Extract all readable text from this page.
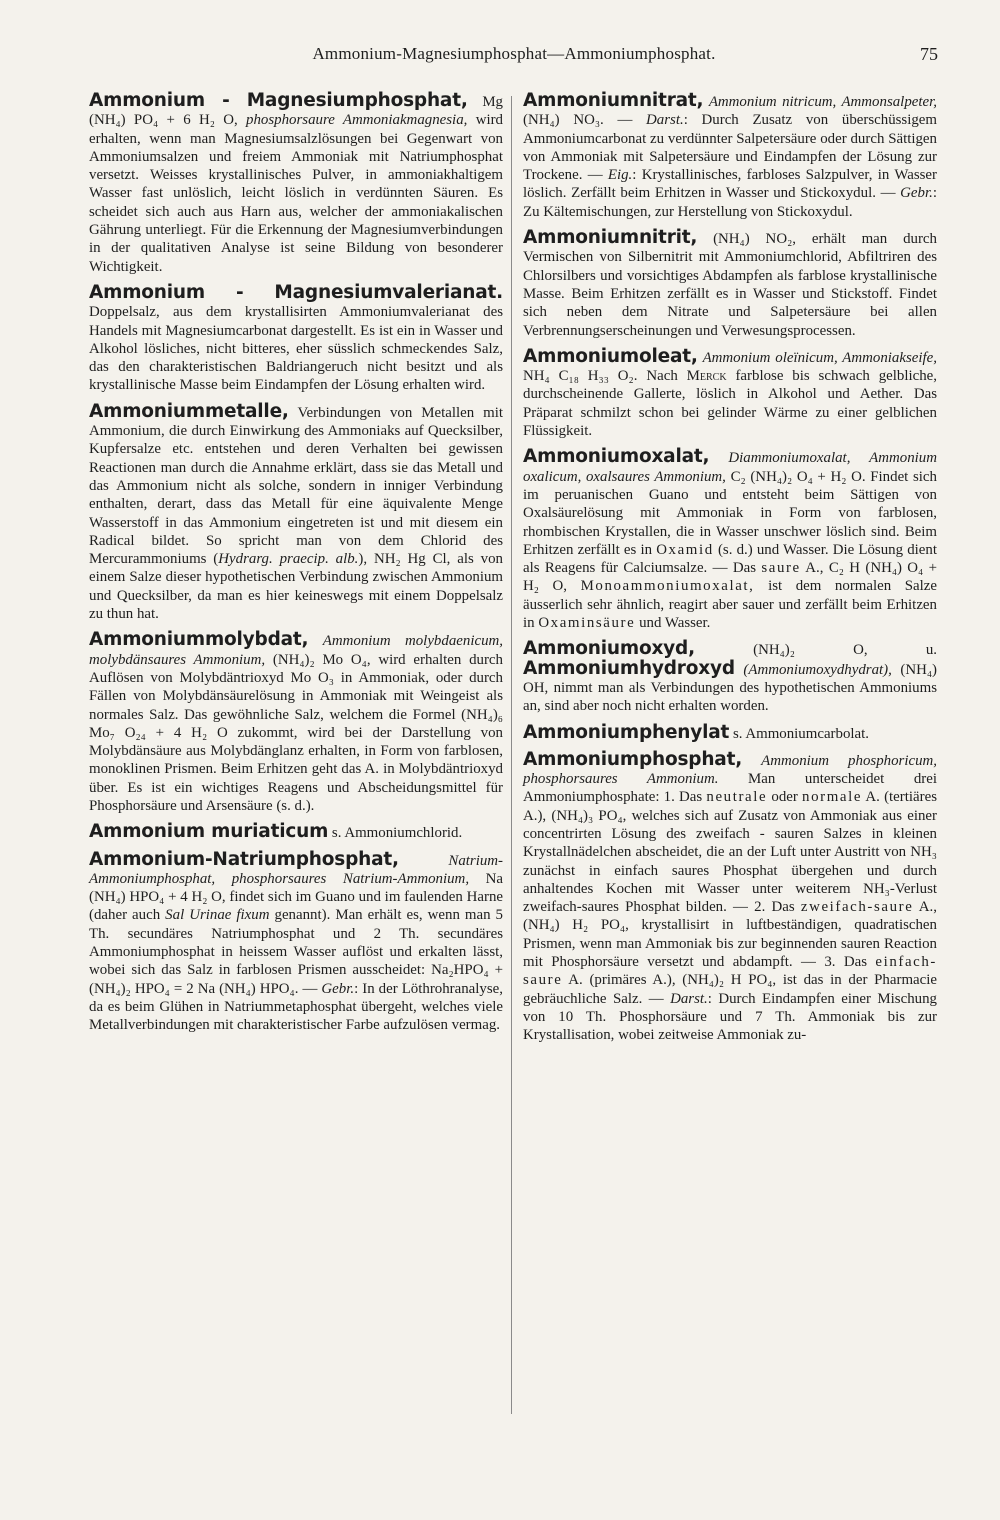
Ammonium-Magnesiumphosphat—Ammoniumphosphat.	75

Ammonium - Magnesiumphosphat, Mg (NH₄) PO₄ + 6 H₂ O, phosphorsaure Ammoniakmagnesia, wird erhalten, wenn man Magnesiumsalzlösungen bei Gegenwart von Ammoniumsalzen und freiem Ammoniak mit Natriumphosphat versetzt. Weisses krystallinisches Pulver, in ammoniakhaltigem Wasser fast unlöslich, leicht löslich in verdünnten Säuren. Es scheidet sich auch aus Harn aus, welcher der ammoniakalischen Gährung unterliegt. Für die Erkennung der Magnesiumverbindungen in der qualitativen Analyse ist seine Bildung von besonderer Wichtigkeit.

Ammonium - Magnesiumvalerianat. Doppelsalz, aus dem krystallisirten Ammoniumvalerianat des Handels mit Magnesiumcarbonat dargestellt. Es ist ein in Wasser und Alkohol lösliches, nicht bitteres, eher süsslich schmeckendes Salz, das den charakteristischen Baldriangeruch nicht besitzt und als krystallinische Masse beim Eindampfen der Lösung erhalten wird.

Ammoniummetalle, Verbindungen von Metallen mit Ammonium, die durch Einwirkung des Ammoniaks auf Quecksilber, Kupfersalze etc. entstehen und deren Verhalten bei gewissen Reactionen man durch die Annahme erklärt, dass sie das Metall und das Ammonium nicht als solche, sondern in inniger Verbindung enthalten, derart, dass das Metall für eine äquivalente Menge Wasserstoff in das Ammonium eingetreten ist und mit diesem ein Radical bildet. So spricht man von dem Chlorid des Mercurammoniums (Hydrarg. praecip. alb.), NH₂ Hg Cl, als von einem Salze dieser hypothetischen Verbindung zwischen Ammonium und Quecksilber, da man es hier keineswegs mit einem Doppelsalz zu thun hat.

Ammoniummolybdat, Ammonium molybdaenicum, molybdänsaures Ammonium, (NH₄)₂ Mo O₄, wird erhalten durch Auflösen von Molybdäntrioxyd Mo O₃ in Ammoniak, oder durch Fällen von Molybdänsäurelösung in Ammoniak mit Weingeist als normales Salz. Das gewöhnliche Salz, welchem die Formel (NH₄)₆ Mo₇ O₂₄ + 4 H₂ O zukommt, wird bei der Darstellung von Molybdänsäure aus Molybdänglanz erhalten, in Form von farblosen, monoklinen Prismen. Beim Erhitzen geht das A. in Molybdäntrioxyd über. Es ist ein wichtiges Reagens und Abscheidungsmittel für Phosphorsäure und Arsensäure (s. d.).

Ammonium muriaticum s. Ammoniumchlorid.

Ammonium-Natriumphosphat,	Natrium-Ammoniumphosphat, phosphorsaures Natrium-Ammonium, Na (NH₄) HPO₄ + 4 H₂ O, findet sich im Guano und im faulenden Harne (daher auch Sal Urinae fixum genannt). Man erhält es, wenn man 5 Th. secundäres Natriumphosphat und 2 Th. secundäres Ammoniumphosphat in heissem Wasser auflöst und erkalten lässt, wobei sich das Salz in farblosen Prismen ausscheidet: Na₂HPO₄ + (NH₄)₂ HPO₄ = 2 Na (NH₄) HPO₄. — Gebr.: In der Löthrohranalyse, da es beim Glühen in Natriummetaphosphat übergeht, welches viele Metallverbindungen mit charakteristischer Farbe aufzulösen vermag.

Ammoniumnitrat, Ammonium nitricum, Ammonsalpeter, (NH₄) NO₃. — Darst.: Durch Zusatz von überschüssigem Ammoniumcarbonat zu verdünnter Salpetersäure oder durch Sättigen von Ammoniak mit Salpetersäure und Eindampfen der Lösung zur Trockene. — Eig.: Krystallinisches, farbloses Salzpulver, in Wasser löslich. Zerfällt beim Erhitzen in Wasser und Stickoxydul. — Gebr.: Zu Kältemischungen, zur Herstellung von Stickoxydul.

Ammoniumnitrit, (NH₄) NO₂, erhält man durch Vermischen von Silbernitrit mit Ammoniumchlorid, Abfiltriren des Chlorsilbers und vorsichtiges Abdampfen als farblose krystallinische Masse. Beim Erhitzen zerfällt es in Wasser und Stickstoff. Findet sich neben dem Nitrate und Salpetersäure bei allen Verbrennungserscheinungen und Verwesungsprocessen.

Ammoniumoleat, Ammonium oleïnicum, Ammoniakseife, NH₄ C₁₈ H₃₃ O₂. Nach Merck farblose bis schwach gelbliche, durchscheinende Gallerte, löslich in Alkohol und Aether. Das Präparat schmilzt schon bei gelinder Wärme zu einer gelblichen Flüssigkeit.

Ammoniumoxalat, Diammoniumoxalat, Ammonium oxalicum, oxalsaures Ammonium, C₂ (NH₄)₂ O₄ + H₂ O. Findet sich im peruanischen Guano und entsteht beim Sättigen von Oxalsäurelösung mit Ammoniak in Form von farblosen, rhombischen Krystallen, die in Wasser unschwer löslich sind. Beim Erhitzen zerfällt es in Oxamid (s. d.) und Wasser. Die Lösung dient als Reagens für Calciumsalze. — Das saure A., C₂ H (NH₄) O₄ + H₂ O, Monoammoniumoxalat, ist dem normalen Salze äusserlich sehr ähnlich, reagirt aber sauer und zerfällt beim Erhitzen in Oxaminsäure und Wasser.

Ammoniumoxyd,	(NH₄)₂ O,	u. Ammoniumhydroxyd (Ammoniumoxydhydrat), (NH₄) OH, nimmt man als Verbindungen des hypothetischen Ammoniums an, sind aber noch nicht erhalten worden.

Ammoniumphenylat s. Ammoniumcarbolat.

Ammoniumphosphat, Ammonium phosphoricum, phosphorsaures Ammonium. Man unterscheidet drei Ammoniumphosphate: 1. Das neutrale oder normale A. (tertiäres A.), (NH₄)₃ PO₄, welches sich auf Zusatz von Ammoniak aus einer concentrirten Lösung des zweifach - sauren Salzes in kleinen Krystallnädelchen abscheidet, die an der Luft unter Austritt von NH₃ zunächst in einfach saures Phosphat übergehen und durch anhaltendes Kochen mit Wasser unter weiterem NH₃-Verlust zweifach-saures Phosphat bilden. — 2. Das zweifach-saure A., (NH₄) H₂ PO₄, krystallisirt in luftbeständigen, quadratischen Prismen, wenn man Ammoniak bis zur beginnenden sauren Reaction mit Phosphorsäure versetzt und abdampft. — 3. Das einfach-saure A. (primäres A.), (NH₄)₂ H PO₄, ist das in der Pharmacie gebräuchliche Salz. — Darst.: Durch Eindampfen einer Mischung von 10 Th. Phosphorsäure und 7 Th. Ammoniak bis zur Krystallisation, wobei zeitweise Ammoniak zu-
